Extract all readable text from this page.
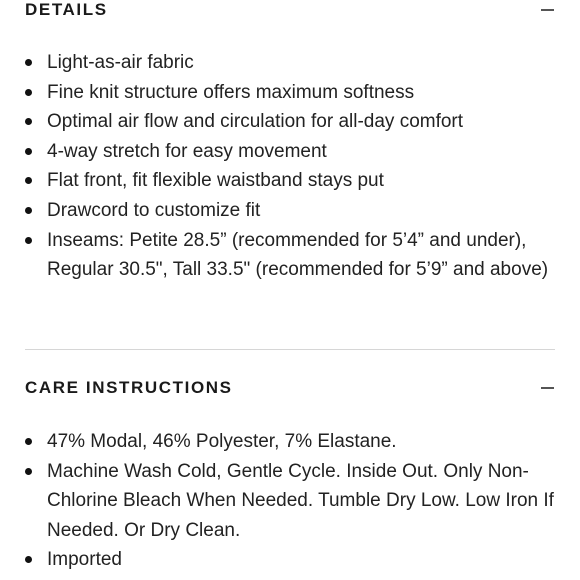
DETAILS
Light-as-air fabric
Fine knit structure offers maximum softness
Optimal air flow and circulation for all-day comfort
4-way stretch for easy movement
Flat front, fit flexible waistband stays put
Drawcord to customize fit
Inseams: Petite 28.5” (recommended for 5’4” and under), Regular 30.5", Tall 33.5" (recommended for 5’9” and above)
CARE INSTRUCTIONS
47% Modal, 46% Polyester, 7% Elastane.
Machine Wash Cold, Gentle Cycle. Inside Out. Only Non-Chlorine Bleach When Needed. Tumble Dry Low. Low Iron If Needed. Or Dry Clean.
Imported
